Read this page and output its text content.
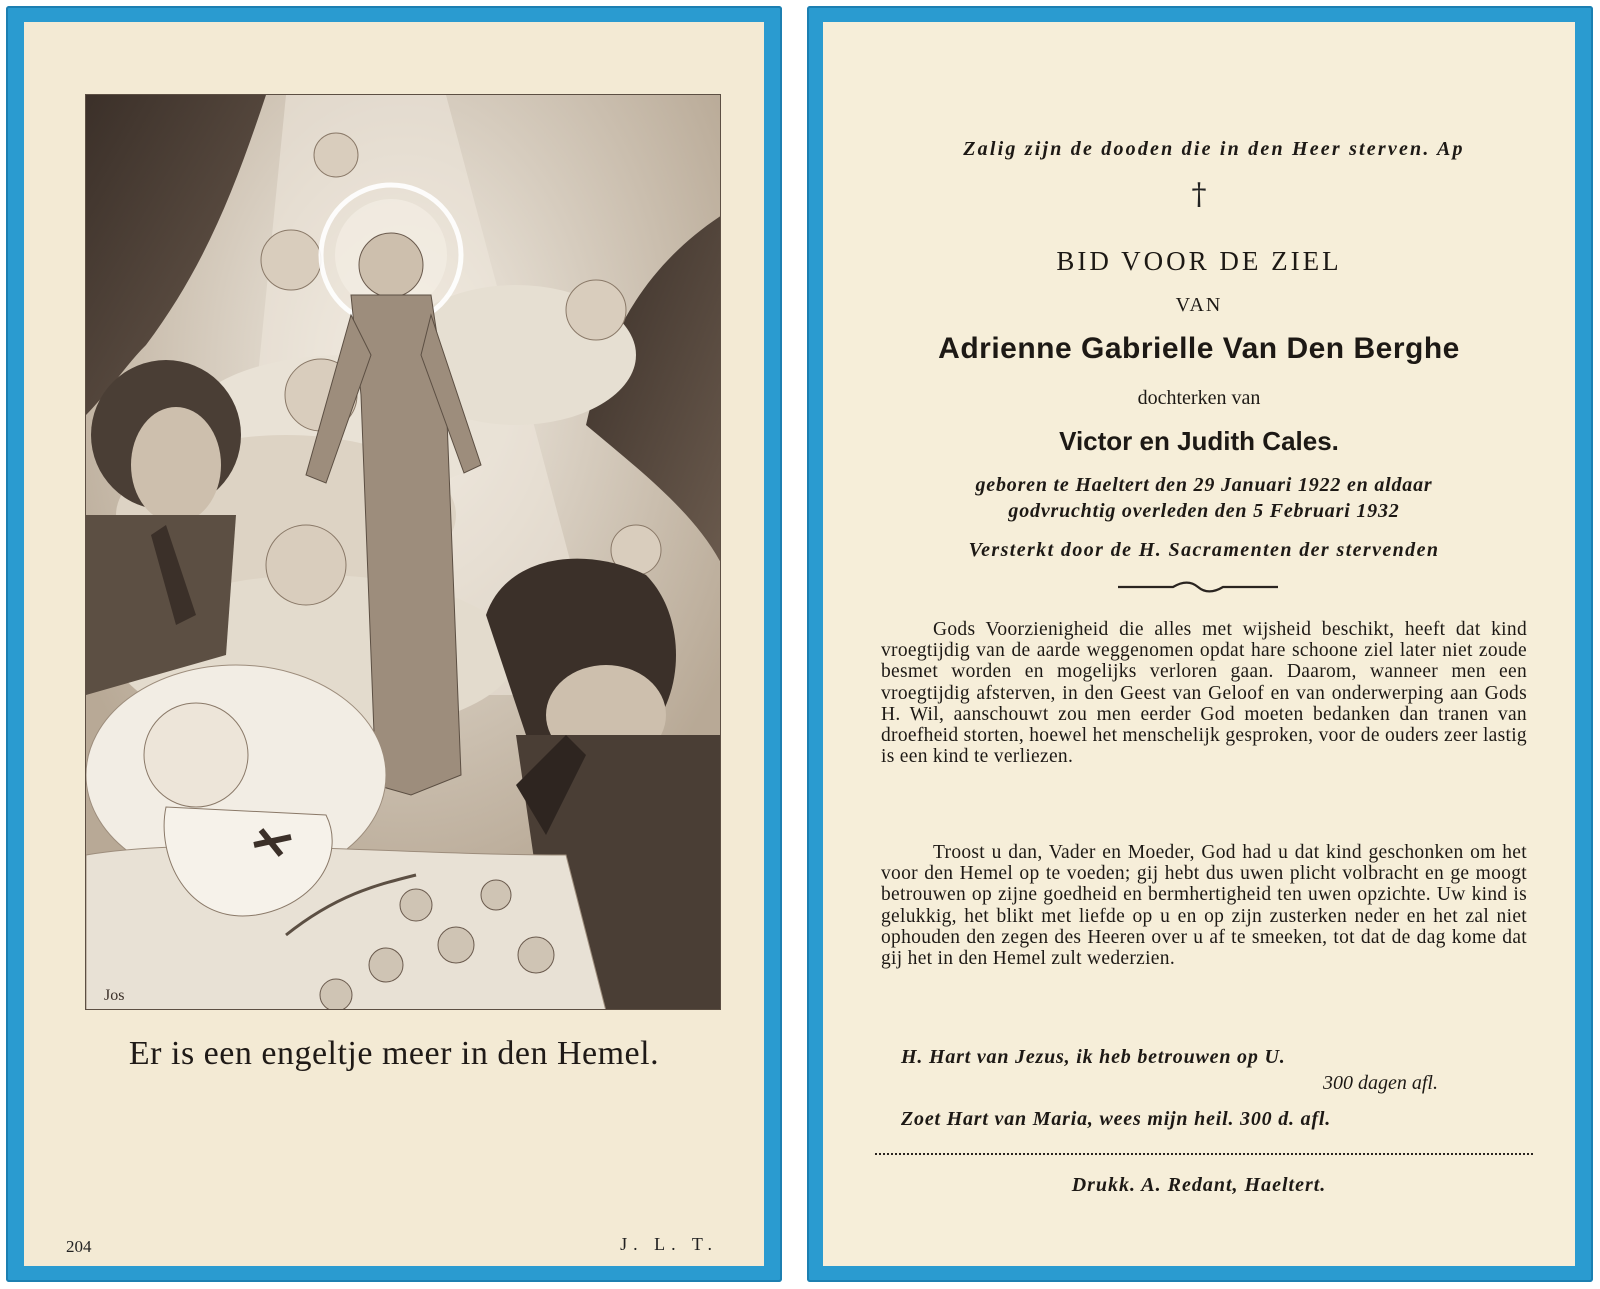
Jos
Er is een engeltje meer in den Hemel.
204	J. L. T.
Zalig zijn de dooden die in den Heer sterven. Ap
†
BID VOOR DE ZIEL
VAN
Adrienne Gabrielle Van Den Berghe
dochterken van
Victor en Judith Cales.
geboren te Haeltert den 29 Januari 1922 en aldaar
godvruchtig overleden den 5 Februari 1932
Versterkt door de H. Sacramenten der stervenden
Gods Voorzienigheid die alles met wijsheid beschikt, heeft dat kind vroegtijdig van de aarde weggenomen opdat hare schoone ziel later niet zoude besmet worden en mogelijks verloren gaan. Daarom, wanneer men een vroegtijdig afsterven, in den Geest van Geloof en van onderwerping aan Gods H. Wil, aanschouwt zou men eerder God moeten bedanken dan tranen van droefheid storten, hoewel het menschelijk gesproken, voor de ouders zeer lastig is een kind te verliezen.
Troost u dan, Vader en Moeder, God had u dat kind geschonken om het voor den Hemel op te voeden; gij hebt dus uwen plicht volbracht en ge moogt betrouwen op zijne goedheid en bermhertigheid ten uwen opzichte. Uw kind is gelukkig, het blikt met liefde op u en op zijn zusterken neder en het zal niet ophouden den zegen des Heeren over u af te smeeken, tot dat de dag kome dat gij het in den Hemel zult wederzien.
H. Hart van Jezus, ik heb betrouwen op U.
300 dagen afl.
Zoet Hart van Maria, wees mijn heil. 300 d. afl.
Drukk. A. Redant, Haeltert.
